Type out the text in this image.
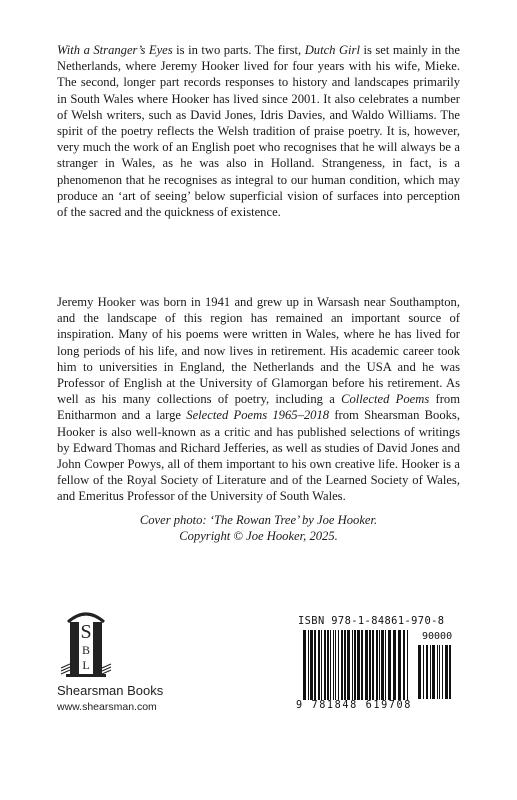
With a Stranger’s Eyes is in two parts. The first, Dutch Girl is set mainly in the Netherlands, where Jeremy Hooker lived for four years with his wife, Mieke. The second, longer part records responses to history and landscapes primarily in South Wales where Hooker has lived since 2001. It also celebrates a number of Welsh writers, such as David Jones, Idris Davies, and Waldo Williams. The spirit of the poetry reflects the Welsh tradition of praise poetry. It is, however, very much the work of an English poet who recognises that he will always be a stranger in Wales, as he was also in Holland. Strangeness, in fact, is a phenomenon that he recognises as integral to our human condition, which may produce an ‘art of seeing’ below superficial vision of surfaces into perception of the sacred and the quickness of existence.

Jeremy Hooker was born in 1941 and grew up in Warsash near Southampton, and the landscape of this region has remained an important source of inspiration. Many of his poems were written in Wales, where he has lived for long periods of his life, and now lives in retirement. His academic career took him to universities in England, the Netherlands and the USA and he was Professor of English at the University of Glamorgan before his retirement. As well as his many collections of poetry, including a Collected Poems from Enitharmon and a large Selected Poems 1965–2018 from Shearsman Books, Hooker is also well-known as a critic and has published selections of writings by Edward Thomas and Richard Jefferies, as well as studies of David Jones and John Cowper Powys, all of them important to his own creative life. Hooker is a fellow of the Royal Society of Literature and of the Learned Society of Wales, and Emeritus Professor of the University of South Wales.

Cover photo: ‘The Rowan Tree’ by Joe Hooker.
Copyright © Joe Hooker, 2025.
S
B
L
Shearsman Books
www.shearsman.com
ISBN 978-1-84861-970-8
90000
9 781848 619708
